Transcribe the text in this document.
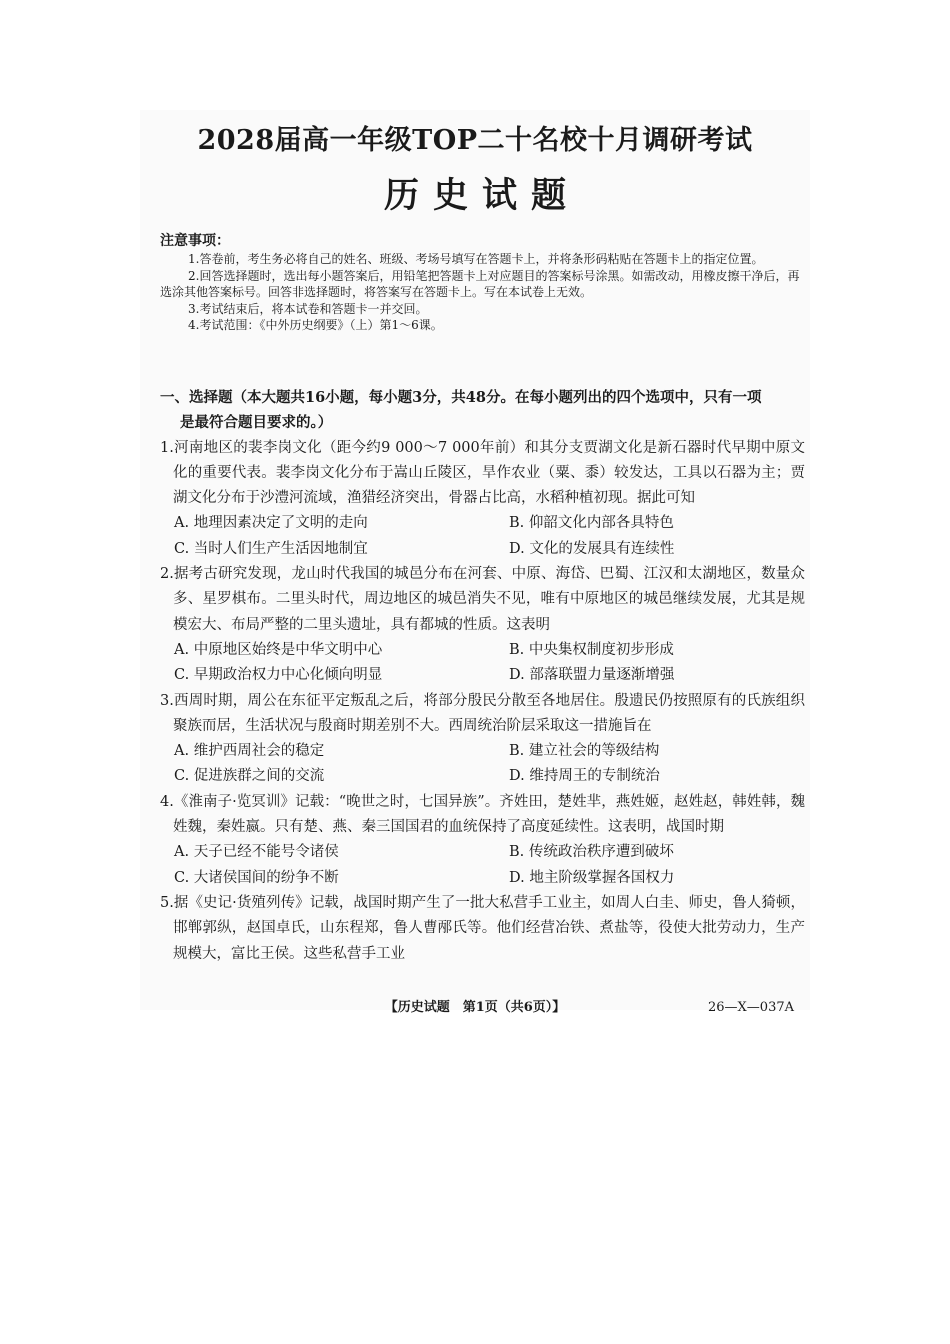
2028届高一年级TOP二十名校十月调研考试
历史试题
注意事项：

1.答卷前，考生务必将自己的姓名、班级、考场号填写在答题卡上，并将条形码粘贴在答题卡上的指定位置。

2.回答选择题时，选出每小题答案后，用铅笔把答题卡上对应题目的答案标号涂黑。如需改动，用橡皮擦干净后，再选涂其他答案标号。回答非选择题时，将答案写在答题卡上。写在本试卷上无效。

3.考试结束后，将本试卷和答题卡一并交回。

4.考试范围：《中外历史纲要》（上）第1～6课。

一、选择题（本大题共16小题，每小题3分，共48分。在每小题列出的四个选项中，只有一项
是最符合题目要求的。）

1.河南地区的裴李岗文化（距今约9 000～7 000年前）和其分支贾湖文化是新石器时代早期中原文化的重要代表。裴李岗文化分布于嵩山丘陵区，旱作农业（粟、黍）较发达，工具以石器为主；贾湖文化分布于沙澧河流域，渔猎经济突出，骨器占比高，水稻种植初现。据此可知

A. 地理因素决定了文明的走向	B. 仰韶文化内部各具特色
C. 当时人们生产生活因地制宜	D. 文化的发展具有连续性

2.据考古研究发现，龙山时代我国的城邑分布在河套、中原、海岱、巴蜀、江汉和太湖地区，数量众多、星罗棋布。二里头时代，周边地区的城邑消失不见，唯有中原地区的城邑继续发展，尤其是规模宏大、布局严整的二里头遗址，具有都城的性质。这表明

A. 中原地区始终是中华文明中心	B. 中央集权制度初步形成
C. 早期政治权力中心化倾向明显	D. 部落联盟力量逐渐增强

3.西周时期，周公在东征平定叛乱之后，将部分殷民分散至各地居住。殷遗民仍按照原有的氏族组织聚族而居，生活状况与殷商时期差别不大。西周统治阶层采取这一措施旨在

A. 维护西周社会的稳定	B. 建立社会的等级结构
C. 促进族群之间的交流	D. 维持周王的专制统治

4.《淮南子·览冥训》记载：“晚世之时，七国异族”。齐姓田，楚姓芈，燕姓姬，赵姓赵，韩姓韩，魏姓魏，秦姓嬴。只有楚、燕、秦三国国君的血统保持了高度延续性。这表明，战国时期

A. 天子已经不能号令诸侯	B. 传统政治秩序遭到破坏
C. 大诸侯国间的纷争不断	D. 地主阶级掌握各国权力

5.据《史记·货殖列传》记载，战国时期产生了一批大私营手工业主，如周人白圭、师史，鲁人猗顿，邯郸郭纵，赵国卓氏，山东程郑，鲁人曹邴氏等。他们经营冶铁、煮盐等，役使大批劳动力，生产规模大，富比王侯。这些私营手工业

【历史试题　第1页（共6页）】	26—X—037A
